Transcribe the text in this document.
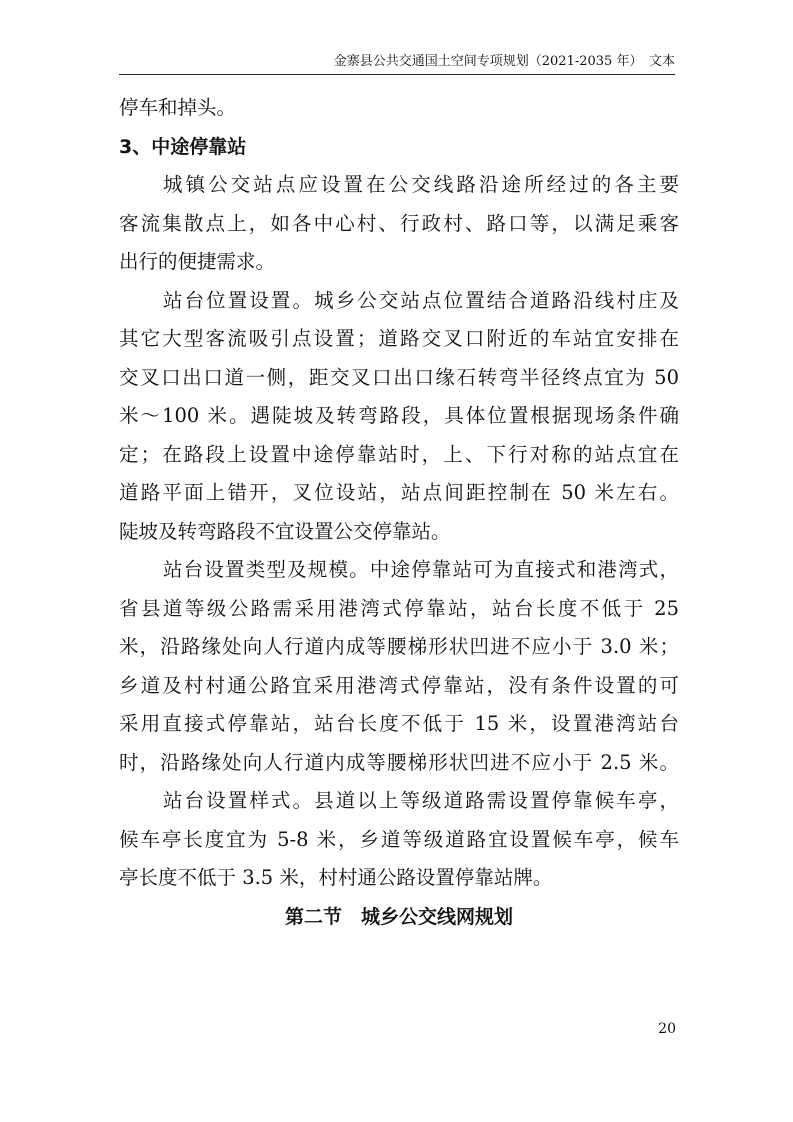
金寨县公共交通国土空间专项规划（2021-2035 年）　 文本
停车和掉头。
3、中途停靠站
城镇公交站点应设置在公交线路沿途所经过的各主要
客流集散点上，如各中心村、行政村、路口等，以满足乘客
出行的便捷需求。
站台位置设置。城乡公交站点位置结合道路沿线村庄及
其它大型客流吸引点设置；道路交叉口附近的车站宜安排在
交叉口出口道一侧，距交叉口出口缘石转弯半径终点宜为 50
米～100 米。遇陡坡及转弯路段，具体位置根据现场条件确
定；在路段上设置中途停靠站时，上、下行对称的站点宜在
道路平面上错开，叉位设站，站点间距控制在 50 米左右。
陡坡及转弯路段不宜设置公交停靠站。
站台设置类型及规模。中途停靠站可为直接式和港湾式，
省县道等级公路需采用港湾式停靠站，站台长度不低于 25
米，沿路缘处向人行道内成等腰梯形状凹进不应小于 3.0 米；
乡道及村村通公路宜采用港湾式停靠站，没有条件设置的可
采用直接式停靠站，站台长度不低于 15 米，设置港湾站台
时，沿路缘处向人行道内成等腰梯形状凹进不应小于 2.5 米。
站台设置样式。县道以上等级道路需设置停靠候车亭，
候车亭长度宜为 5-8 米，乡道等级道路宜设置候车亭，候车
亭长度不低于 3.5 米，村村通公路设置停靠站牌。
第二节　城乡公交线网规划
20
